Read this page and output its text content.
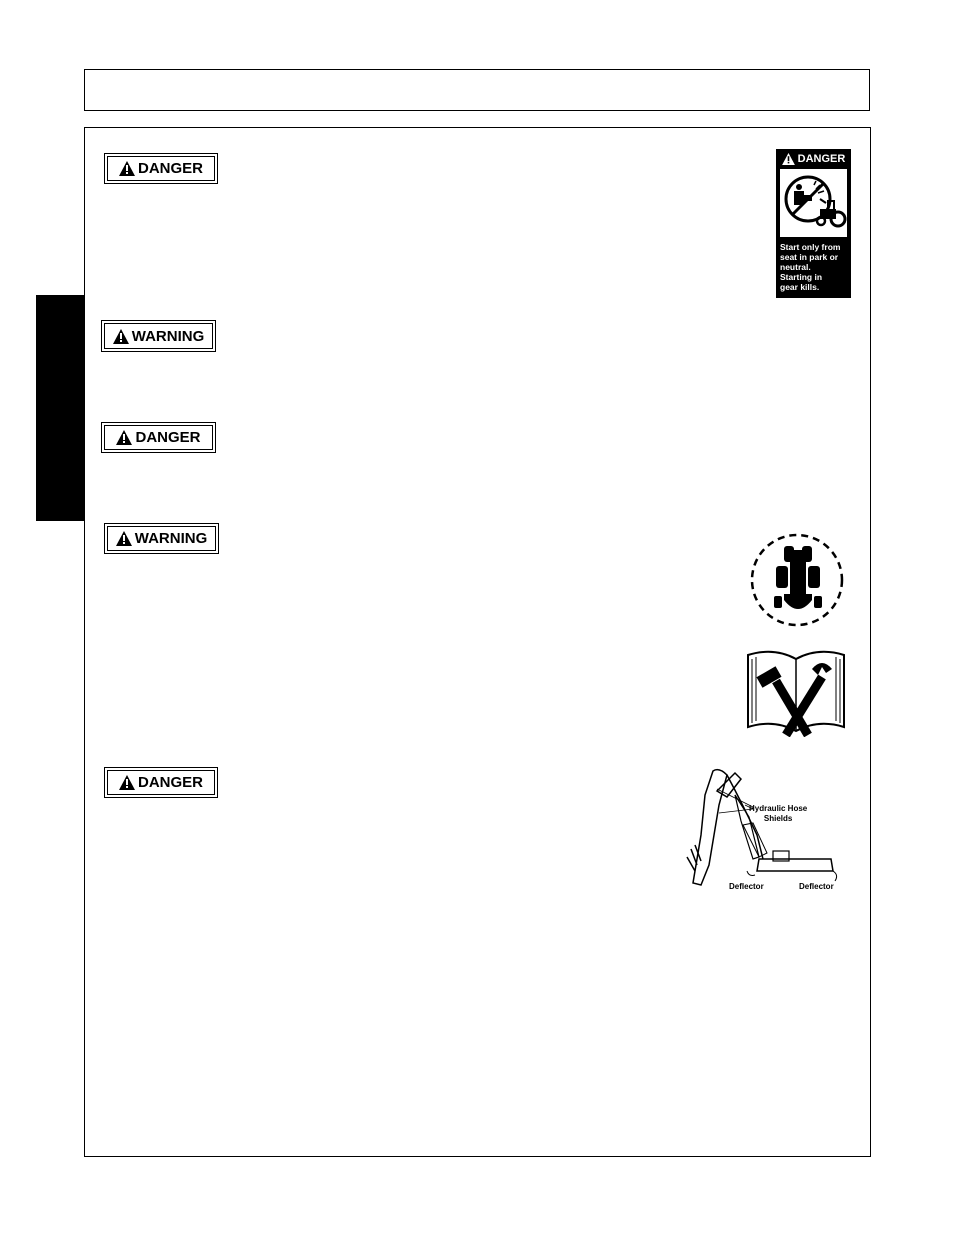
DANGER
WARNING
DANGER
WARNING
DANGER
DANGER
Start only from
seat in park or
neutral.
Starting in
gear kills.
Hydraulic Hose
Shields
Deflector	Deflector
